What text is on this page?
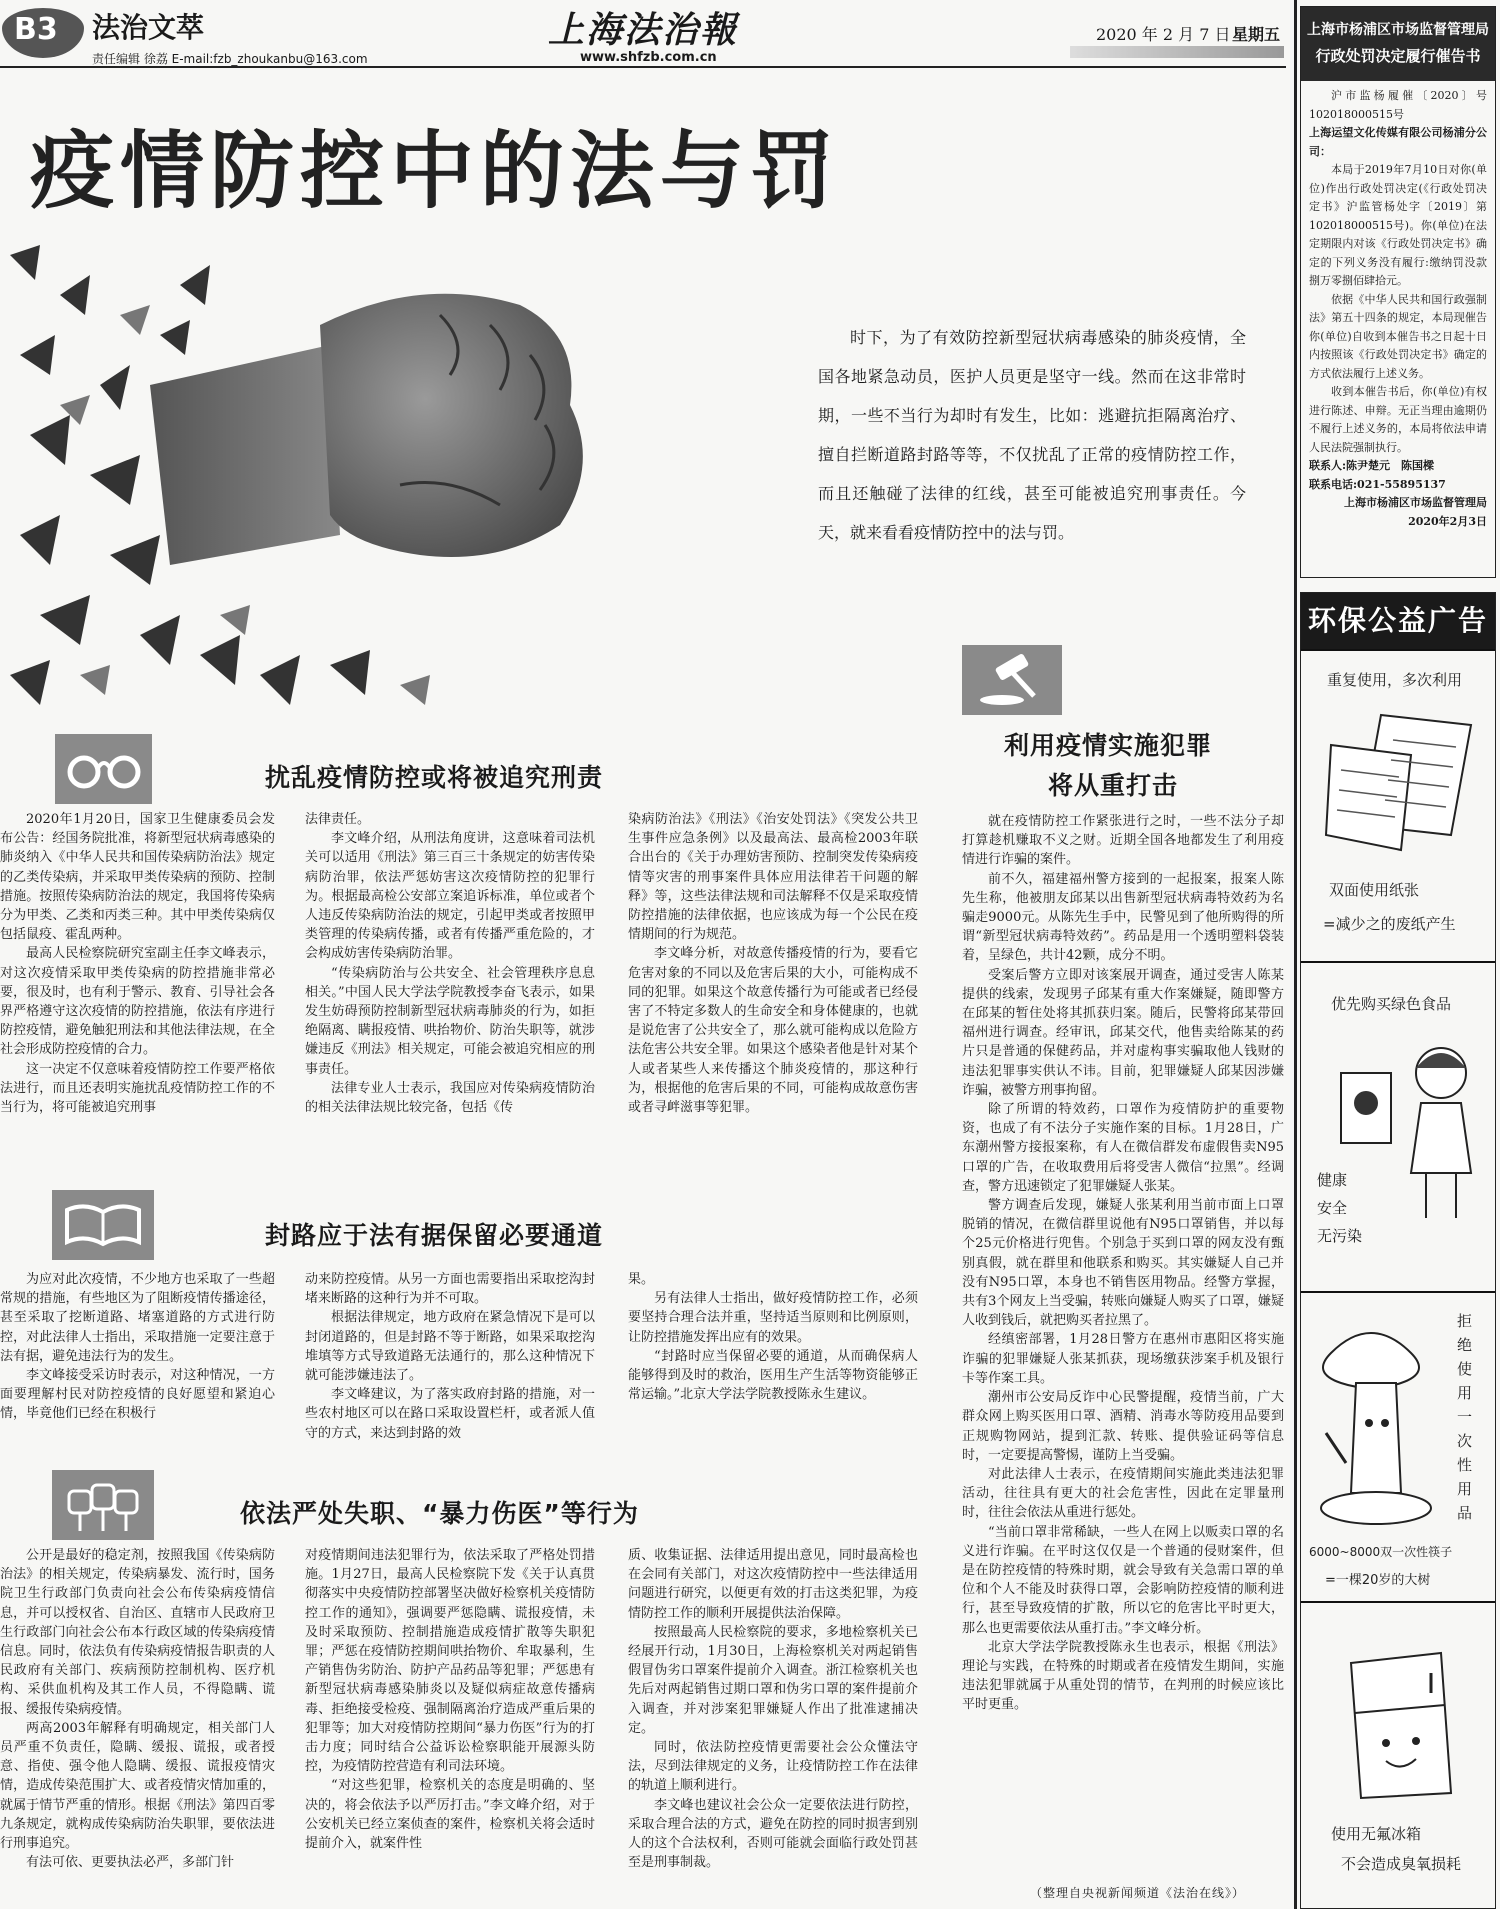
B3 法治文萃
责任编辑 徐荔 E-mail:fzb_zhoukanbu@163.com
上海法治報
www.shfzb.com.cn
2020 年 2 月 7 日 星期五
疫情防控中的法与罚
时下，为了有效防控新型冠状病毒感染的肺炎疫情，全国各地紧急动员，医护人员更是坚守一线。然而在这非常时期，一些不当行为却时有发生，比如：逃避抗拒隔离治疗、擅自拦断道路封路等等，不仅扰乱了正常的疫情防控工作，而且还触碰了法律的红线，甚至可能被追究刑事责任。今天，就来看看疫情防控中的法与罚。
扰乱疫情防控或将被追究刑责

2020年1月20日，国家卫生健康委员会发布公告：经国务院批准，将新型冠状病毒感染的肺炎纳入《中华人民共和国传染病防治法》规定的乙类传染病，并采取甲类传染病的预防、控制措施。按照传染病防治法的规定，我国将传染病分为甲类、乙类和丙类三种。其中甲类传染病仅包括鼠疫、霍乱两种。

最高人民检察院研究室副主任李文峰表示，对这次疫情采取甲类传染病的防控措施非常必要，很及时，也有利于警示、教育、引导社会各界严格遵守这次疫情的防控措施，依法有序进行防控疫情，避免触犯刑法和其他法律法规，在全社会形成防控疫情的合力。

这一决定不仅意味着疫情防控工作要严格依法进行，而且还表明实施扰乱疫情防控工作的不当行为，将可能被追究刑事

法律责任。

李文峰介绍，从刑法角度讲，这意味着司法机关可以适用《刑法》第三百三十条规定的妨害传染病防治罪，依法严惩妨害这次疫情防控的犯罪行为。根据最高检公安部立案追诉标准，单位或者个人违反传染病防治法的规定，引起甲类或者按照甲类管理的传染病传播，或者有传播严重危险的，才会构成妨害传染病防治罪。

“传染病防治与公共安全、社会管理秩序息息相关。”中国人民大学法学院教授李奋飞表示，如果发生妨碍预防控制新型冠状病毒肺炎的行为，如拒绝隔离、瞒报疫情、哄抬物价、防治失职等，就涉嫌违反《刑法》相关规定，可能会被追究相应的刑事责任。

法律专业人士表示，我国应对传染病疫情防治的相关法律法规比较完备，包括《传

染病防治法》《刑法》《治安处罚法》《突发公共卫生事件应急条例》以及最高法、最高检2003年联合出台的《关于办理妨害预防、控制突发传染病疫情等灾害的刑事案件具体应用法律若干问题的解释》等，这些法律法规和司法解释不仅是采取疫情防控措施的法律依据，也应该成为每一个公民在疫情期间的行为规范。

李文峰分析，对故意传播疫情的行为，要看它危害对象的不同以及危害后果的大小，可能构成不同的犯罪。如果这个故意传播行为可能或者已经侵害了不特定多数人的生命安全和身体健康的，也就是说危害了公共安全了，那么就可能构成以危险方法危害公共安全罪。如果这个感染者他是针对某个人或者某些人来传播这个肺炎疫情的，那这种行为，根据他的危害后果的不同，可能构成故意伤害或者寻衅滋事等犯罪。

封路应于法有据保留必要通道

为应对此次疫情，不少地方也采取了一些超常规的措施，有些地区为了阻断疫情传播途径，甚至采取了挖断道路、堵塞道路的方式进行防控，对此法律人士指出，采取措施一定要注意于法有据，避免违法行为的发生。

李文峰接受采访时表示，对这种情况，一方面要理解村民对防控疫情的良好愿望和紧迫心情，毕竟他们已经在积极行

动来防控疫情。从另一方面也需要指出采取挖沟封堵来断路的这种行为并不可取。

根据法律规定，地方政府在紧急情况下是可以封闭道路的，但是封路不等于断路，如果采取挖沟堆填等方式导致道路无法通行的，那么这种情况下就可能涉嫌违法了。

李文峰建议，为了落实政府封路的措施，对一些农村地区可以在路口采取设置栏杆，或者派人值守的方式，来达到封路的效

果。

另有法律人士指出，做好疫情防控工作，必须要坚持合理合法并重，坚持适当原则和比例原则，让防控措施发挥出应有的效果。

“封路时应当保留必要的通道，从而确保病人能够得到及时的救治，医用生产生活等物资能够正常运输。”北京大学法学院教授陈永生建议。

依法严处失职、“暴力伤医”等行为

公开是最好的稳定剂，按照我国《传染病防治法》的相关规定，传染病暴发、流行时，国务院卫生行政部门负责向社会公布传染病疫情信息，并可以授权省、自治区、直辖市人民政府卫生行政部门向社会公布本行政区域的传染病疫情信息。同时，依法负有传染病疫情报告职责的人民政府有关部门、疾病预防控制机构、医疗机构、采供血机构及其工作人员，不得隐瞒、谎报、缓报传染病疫情。

两高2003年解释有明确规定，相关部门人员严重不负责任，隐瞒、缓报、谎报，或者授意、指使、强令他人隐瞒、缓报、谎报疫情灾情，造成传染范围扩大、或者疫情灾情加重的，就属于情节严重的情形。根据《刑法》第四百零九条规定，就构成传染病防治失职罪，要依法进行刑事追究。

有法可依、更要执法必严，多部门针

对疫情期间违法犯罪行为，依法采取了严格处罚措施。1月27日，最高人民检察院下发《关于认真贯彻落实中央疫情防控部署坚决做好检察机关疫情防控工作的通知》，强调要严惩隐瞒、谎报疫情，未及时采取预防、控制措施造成疫情扩散等失职犯罪；严惩在疫情防控期间哄抬物价、牟取暴利，生产销售伪劣防治、防护产品药品等犯罪；严惩患有新型冠状病毒感染肺炎以及疑似病症故意传播病毒、拒绝接受检疫、强制隔离治疗造成严重后果的犯罪等；加大对疫情防控期间“暴力伤医”行为的打击力度；同时结合公益诉讼检察职能开展源头防控，为疫情防控营造有利司法环境。

“对这些犯罪，检察机关的态度是明确的、坚决的，将会依法予以严厉打击。”李文峰介绍，对于公安机关已经立案侦查的案件，检察机关将会适时提前介入，就案件性

质、收集证据、法律适用提出意见，同时最高检也在会同有关部门，对这次疫情防控中一些法律适用问题进行研究，以便更有效的打击这类犯罪，为疫情防控工作的顺利开展提供法治保障。

按照最高人民检察院的要求，多地检察机关已经展开行动，1月30日，上海检察机关对两起销售假冒伪劣口罩案件提前介入调查。浙江检察机关也先后对两起销售过期口罩和伪劣口罩的案件提前介入调查，并对涉案犯罪嫌疑人作出了批准逮捕决定。

同时，依法防控疫情更需要社会公众懂法守法，尽到法律规定的义务，让疫情防控工作在法律的轨道上顺利进行。

李文峰也建议社会公众一定要依法进行防控，采取合理合法的方式，避免在防控的同时损害到别人的这个合法权利，否则可能就会面临行政处罚甚至是刑事制裁。

利用疫情实施犯罪
将从重打击

就在疫情防控工作紧张进行之时，一些不法分子却打算趁机赚取不义之财。近期全国各地都发生了利用疫情进行诈骗的案件。

前不久，福建福州警方接到的一起报案，报案人陈先生称，他被朋友邱某以出售新型冠状病毒特效药为名骗走9000元。从陈先生手中，民警见到了他所购得的所谓“新型冠状病毒特效药”。药品是用一个透明塑料袋装着，呈绿色，共计42颗，成分不明。

受案后警方立即对该案展开调查，通过受害人陈某提供的线索，发现男子邱某有重大作案嫌疑，随即警方在邱某的暂住处将其抓获归案。随后，民警将邱某带回福州进行调查。经审讯，邱某交代，他售卖给陈某的药片只是普通的保健药品，并对虚构事实骗取他人钱财的违法犯罪事实供认不讳。目前，犯罪嫌疑人邱某因涉嫌诈骗，被警方刑事拘留。

除了所谓的特效药，口罩作为疫情防护的重要物资，也成了有不法分子实施作案的目标。1月28日，广东潮州警方接报案称，有人在微信群发布虚假售卖N95口罩的广告，在收取费用后将受害人微信“拉黑”。经调查，警方迅速锁定了犯罪嫌疑人张某。

警方调查后发现，嫌疑人张某利用当前市面上口罩脱销的情况，在微信群里说他有N95口罩销售，并以每个25元价格进行兜售。个别急于买到口罩的网友没有甄别真假，就在群里和他联系和购买。其实嫌疑人自己并没有N95口罩，本身也不销售医用物品。经警方掌握，共有3个网友上当受骗，转账向嫌疑人购买了口罩，嫌疑人收到钱后，就把购买者拉黑了。

经缜密部署，1月28日警方在惠州市惠阳区将实施诈骗的犯罪嫌疑人张某抓获，现场缴获涉案手机及银行卡等作案工具。

潮州市公安局反诈中心民警提醒，疫情当前，广大群众网上购买医用口罩、酒精、消毒水等防疫用品要到正规购物网站，提到汇款、转账、提供验证码等信息时，一定要提高警惕，谨防上当受骗。

对此法律人士表示，在疫情期间实施此类违法犯罪活动，往往具有更大的社会危害性，因此在定罪量刑时，往往会依法从重进行惩处。

“当前口罩非常稀缺，一些人在网上以贩卖口罩的名义进行诈骗。在平时这仅仅是一个普通的侵财案件，但是在防控疫情的特殊时期，就会导致有关急需口罩的单位和个人不能及时获得口罩，会影响防控疫情的顺利进行，甚至导致疫情的扩散，所以它的危害比平时更大，那么也更需要依法从重打击。”李文峰分析。

北京大学法学院教授陈永生也表示，根据《刑法》理论与实践，在特殊的时期或者在疫情发生期间，实施违法犯罪就属于从重处罚的情节，在判刑的时候应该比平时更重。

（整理自央视新闻频道《法治在线》）
上海市杨浦区市场监督管理局
行政处罚决定履行催告书
沪市监杨履催〔2020〕号 102018000515号
上海运望文化传媒有限公司杨浦分公司：
本局于2019年7月10日对你(单位)作出行政处罚决定(《行政处罚决定书》沪监管杨处字〔2019〕第102018000515号)。你(单位)在法定期限内对该《行政处罚决定书》确定的下列义务没有履行:缴纳罚没款捌万零捌佰肆拾元。
依据《中华人民共和国行政强制法》第五十四条的规定，本局现催告你(单位)自收到本催告书之日起十日内按照该《行政处罚决定书》确定的方式依法履行上述义务。
收到本催告书后，你(单位)有权进行陈述、申辩。无正当理由逾期仍不履行上述义务的，本局将依法申请人民法院强制执行。
联系人:陈尹楚元　陈国樑
联系电话:021-55895137
上海市杨浦区市场监督管理局
2020年2月3日
环保公益广告
重复使用，多次利用
双面使用纸张
=减少之的废纸产生
优先购买绿色食品
健康
安全
无污染
拒绝使用一次性用品
6000~8000双一次性筷子
=一棵20岁的大树
使用无氟冰箱
不会造成臭氧损耗
